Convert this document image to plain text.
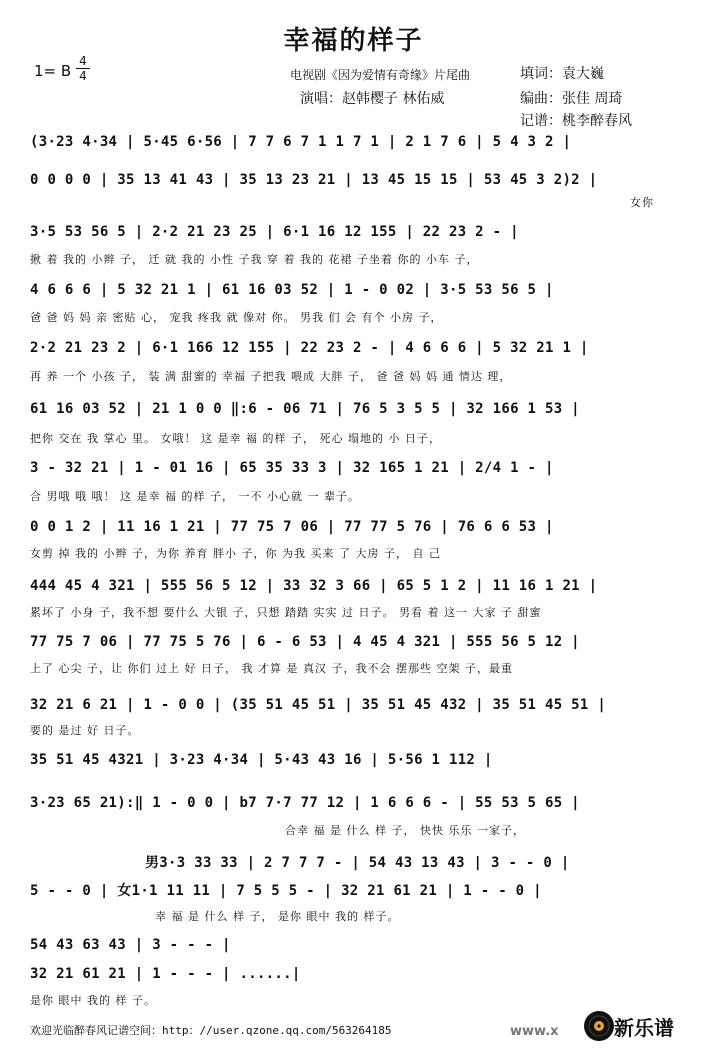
幸福的样子
1= B
4
4	电视剧《因为爱情有奇缘》片尾曲	填词：袁大巍
演唱：赵韩樱子 林佑威	编曲：张佳 周琦
记谱：桃李醉春风
(3·23 4·34 | 5·45 6·56 | 7 7 6 7 1 1 7 1 | 2 1 7 6 | 5 4 3 2 |
0 0 0 0 | 35 13 41 43 | 35 13 23 21 | 13 45 15 15 | 53 45 3 2)2 |
女你
3·5 53 56 5 | 2·2 21 23 25 | 6·1 16 12 155 | 22 23 2 - |
揪 着 我的 小辫 子， 迁 就 我的 小性 子我 穿 着 我的 花裙 子坐着 你的 小车 子，
4 6 6 6 | 5 32 21 1 | 61 16 03 52 | 1 - 0 02 | 3·5 53 56 5 |
爸 爸 妈 妈 亲 密贴 心， 宠我 疼我 就 像对 你。 男我 们 会 有个 小房 子，
2·2 21 23 2 | 6·1 166 12 155 | 22 23 2 - | 4 6 6 6 | 5 32 21 1 |
再 养 一个 小孩 子， 装 满 甜蜜的 幸福 子把我 喂成 大胖 子， 爸 爸 妈 妈 通 情达 理，
61 16 03 52 | 21 1 0 0 ‖:6 - 06 71 | 76 5 3 5 5 | 32 166 1 53 |
把你 交在 我 掌心 里。 女哦！ 这 是幸 福 的样 子， 死心 塌地的 小 日子，
3 - 32 21 | 1 - 01 16 | 65 35 33 3 | 32 165 1 21 | 2/4 1 - |
合 男哦 哦 哦！ 这 是幸 福 的样 子， 一不 小心就 一 辈子。
0 0 1 2 | 11 16 1 21 | 77 75 7 06 | 77 77 5 76 | 76 6 6 53 |
女剪 掉 我的 小辫 子，为你 养育 胖小 子，你 为我 买来 了 大房 子， 自 己
444 45 4 321 | 555 56 5 12 | 33 32 3 66 | 65 5 1 2 | 11 16 1 21 |
累坏了 小身 子，我不想 要什么 大银 子，只想 踏踏 实实 过 日子。 男看 着 这一 大家 子 甜蜜
77 75 7 06 | 77 75 5 76 | 6 - 6 53 | 4 45 4 321 | 555 56 5 12 |
上了 心尖 子，让 你们 过上 好 日子， 我 才算 是 真汉 子，我不会 摆那些 空架 子，最重
32 21 6 21 | 1 - 0 0 | (35 51 45 51 | 35 51 45 432 | 35 51 45 51 |
要的 是过 好 日子。
35 51 45 4321 | 3·23 4·34 | 5·43 43 16 | 5·56 1 112 |
3·23 65 21):‖ 1 - 0 0 | b7 7·7 77 12 | 1 6 6 6 - | 55 53 5 65 |
合幸 福 是 什么 样 子， 快快 乐乐 一家子，
男3·3 33 33 | 2 7 7 7 - | 54 43 13 43 | 3 - - 0 |
5 - - 0 | 女1·1 11 11 | 7 5 5 5 - | 32 21 61 21 | 1 - - 0 |
幸 福 是 什么 样 子， 是你 眼中 我的 样子。
54 43 63 43 | 3 - - - |
32 21 61 21 | 1 - - - | ......|
是你 眼中 我的 样 子。
欢迎光临醉春风记谱空间：http：//user.qzone.qq.com/563264185	www.x	新乐谱
